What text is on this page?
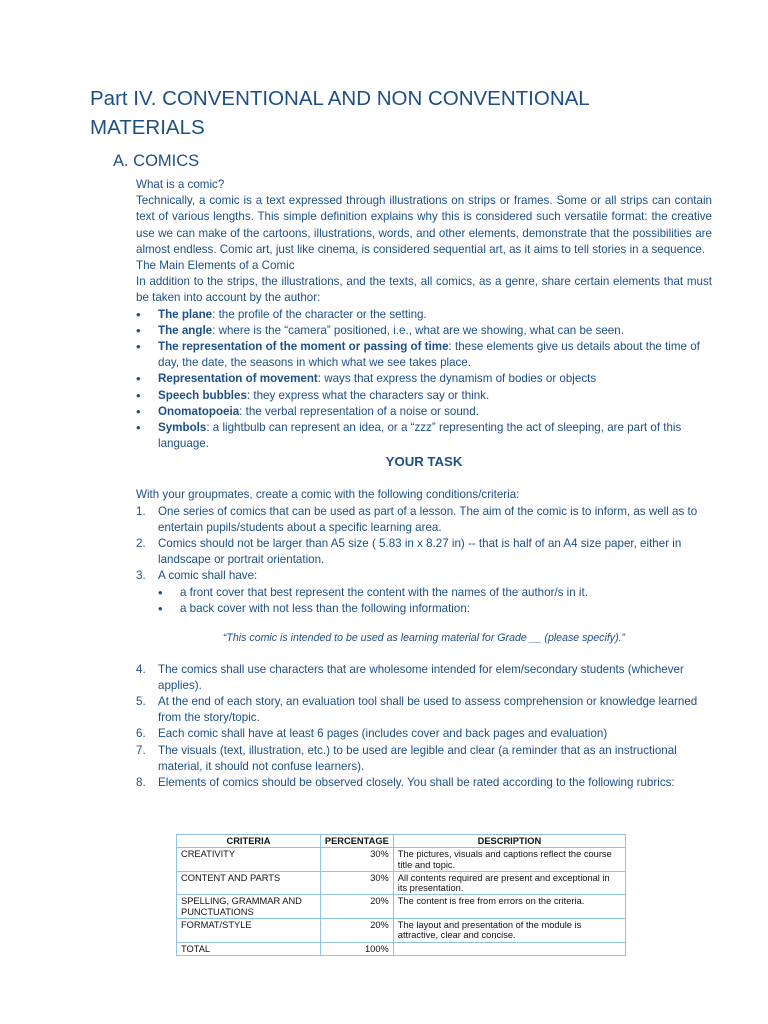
Part IV. CONVENTIONAL AND NON CONVENTIONAL MATERIALS
A. COMICS

What is a comic?

Technically, a comic is a text expressed through illustrations on strips or frames. Some or all strips can contain text of various lengths. This simple definition explains why this is considered such versatile format: the creative use we can make of the cartoons, illustrations, words, and other elements, demonstrate that the possibilities are almost endless. Comic art, just like cinema, is considered sequential art, as it aims to tell stories in a sequence.

The Main Elements of a Comic

In addition to the strips, the illustrations, and the texts, all comics, as a genre, share certain elements that must be taken into account by the author:

• The plane: the profile of the character or the setting.
• The angle: where is the “camera” positioned, i.e., what are we showing, what can be seen.
• The representation of the moment or passing of time: these elements give us details about the time of day, the date, the seasons in which what we see takes place.
• Representation of movement: ways that express the dynamism of bodies or objects
• Speech bubbles: they express what the characters say or think.
• Onomatopoeia: the verbal representation of a noise or sound.
• Symbols: a lightbulb can represent an idea, or a “zzz” representing the act of sleeping, are part of this language.
YOUR TASK

With your groupmates, create a comic with the following conditions/criteria:

1. One series of comics that can be used as part of a lesson. The aim of the comic is to inform, as well as to entertain pupils/students about a specific learning area.
2. Comics should not be larger than A5 size ( 5.83 in x 8.27 in) -- that is half of an A4 size paper, either in landscape or portrait orientation.
3. A comic shall have:
• a front cover that best represent the content with the names of the author/s in it.
• a back cover with not less than the following information:
“This comic is intended to be used as learning material for Grade __ (please specify).”
4. The comics shall use characters that are wholesome intended for elem/secondary students (whichever applies).
5. At the end of each story, an evaluation tool shall be used to assess comprehension or knowledge learned from the story/topic.
6. Each comic shall have at least 6 pages (includes cover and back pages and evaluation)
7. The visuals (text, illustration, etc.) to be used are legible and clear (a reminder that as an instructional material, it should not confuse learners).
8. Elements of comics should be observed closely. You shall be rated according to the following rubrics:
CRITERIA	PERCENTAGE	DESCRIPTION
CREATIVITY	30%	The pictures, visuals and captions reflect the course title and topic.
CONTENT AND PARTS	30%	All contents required are present and exceptional in its presentation.
SPELLING, GRAMMAR AND PUNCTUATIONS	20%	The content is free from errors on the criteria.
FORMAT/STYLE	20%	The layout and presentation of the module is attractive, clear and concise.
TOTAL	100%	
